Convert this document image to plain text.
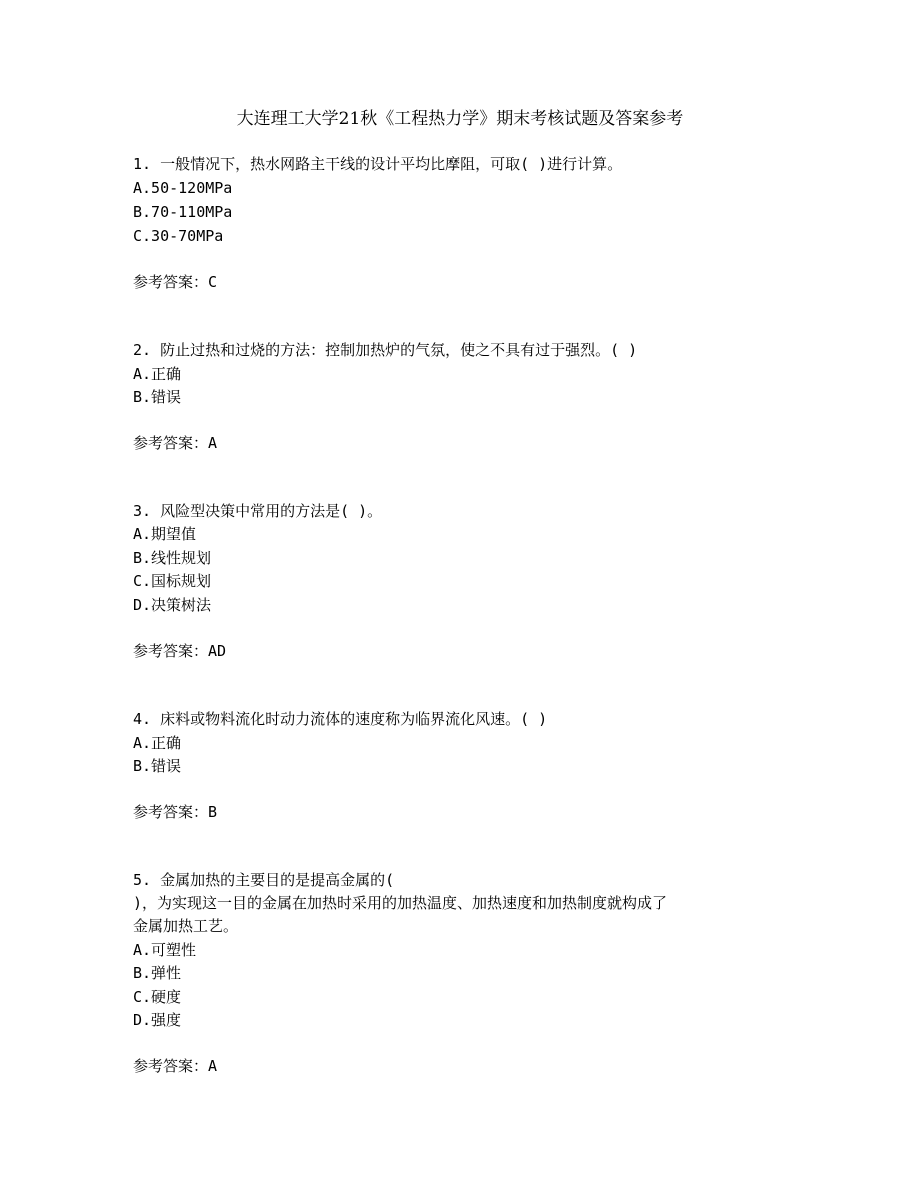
大连理工大学21秋《工程热力学》期末考核试题及答案参考
1. 一般情况下，热水网路主干线的设计平均比摩阻，可取( )进行计算。
A.50-120MPa
B.70-110MPa
C.30-70MPa
参考答案：C
2. 防止过热和过烧的方法：控制加热炉的气氛，使之不具有过于强烈。( )
A.正确
B.错误
参考答案：A
3. 风险型决策中常用的方法是( )。
A.期望值
B.线性规划
C.国标规划
D.决策树法
参考答案：AD
4. 床料或物料流化时动力流体的速度称为临界流化风速。( )
A.正确
B.错误
参考答案：B
5. 金属加热的主要目的是提高金属的(
)，为实现这一目的金属在加热时采用的加热温度、加热速度和加热制度就构成了
金属加热工艺。
A.可塑性
B.弹性
C.硬度
D.强度
参考答案：A
